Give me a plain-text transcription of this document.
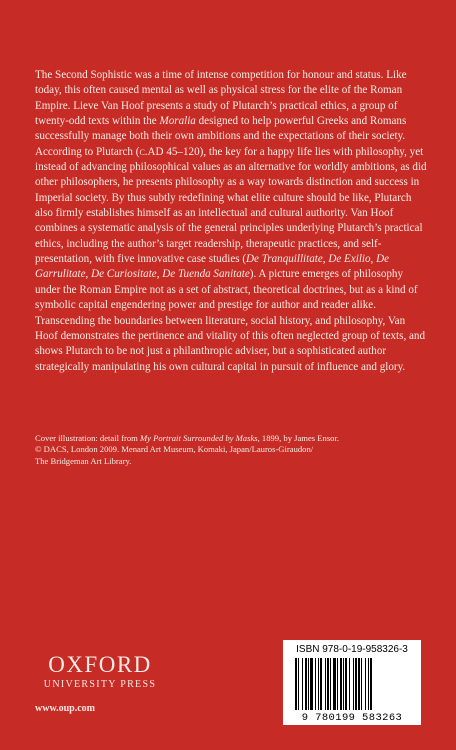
The Second Sophistic was a time of intense competition for honour and status. Like today, this often caused mental as well as physical stress for the elite of the Roman Empire. Lieve Van Hoof presents a study of Plutarch’s practical ethics, a group of twenty-odd texts within the Moralia designed to help powerful Greeks and Romans successfully manage both their own ambitions and the expectations of their society. According to Plutarch (c.AD 45–120), the key for a happy life lies with philosophy, yet instead of advancing philosophical values as an alternative for worldly ambitions, as did other philosophers, he presents philosophy as a way towards distinction and success in Imperial society. By thus subtly redefining what elite culture should be like, Plutarch also firmly establishes himself as an intellectual and cultural authority. Van Hoof combines a systematic analysis of the general principles underlying Plutarch’s practical ethics, including the author’s target readership, therapeutic practices, and self-presentation, with five innovative case studies (De Tranquillitate, De Exilio, De Garrulitate, De Curiositate, De Tuenda Sanitate). A picture emerges of philosophy under the Roman Empire not as a set of abstract, theoretical doctrines, but as a kind of symbolic capital engendering power and prestige for author and reader alike. Transcending the boundaries between literature, social history, and philosophy, Van Hoof demonstrates the pertinence and vitality of this often neglected group of texts, and shows Plutarch to be not just a philanthropic adviser, but a sophisticated author strategically manipulating his own cultural capital in pursuit of influence and glory.

Cover illustration: detail from My Portrait Surrounded by Masks, 1899, by James Ensor.
© DACS, London 2009. Menard Art Museum, Komaki, Japan/Lauros-Giraudon/
The Bridgeman Art Library.

OXFORD
UNIVERSITY PRESS
www.oup.com
ISBN 978-0-19-958326-3
9 780199 583263
